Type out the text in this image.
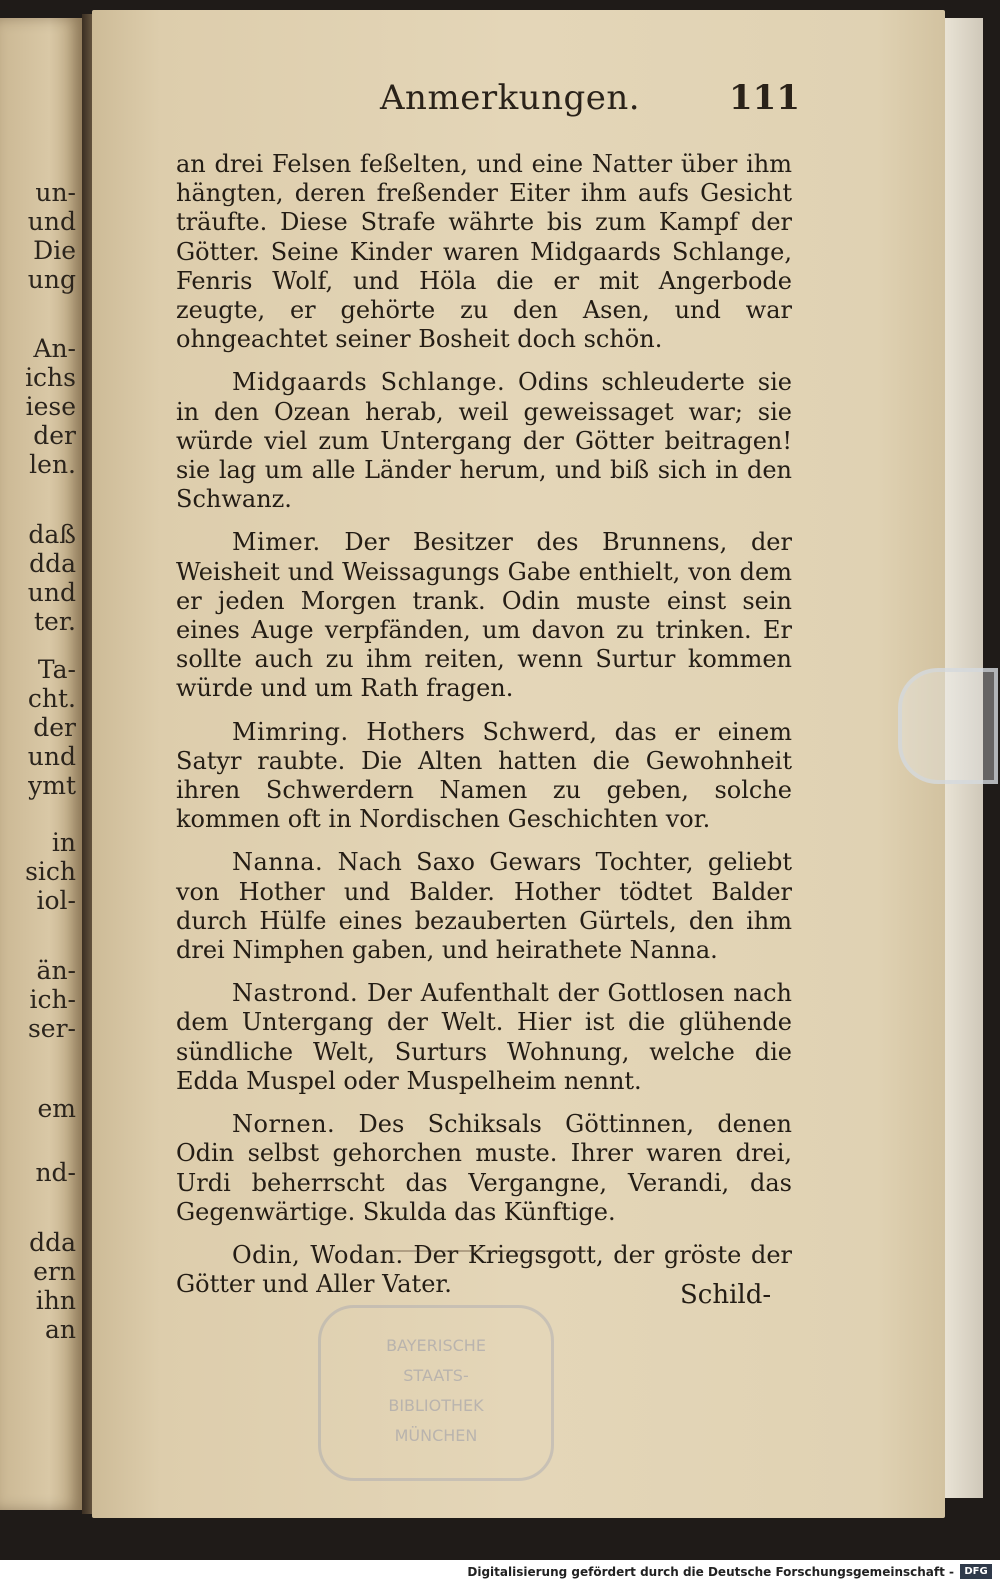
un-
und
Die
ung
An-
ichs
iese
der
len.
daß
dda
und
ter.
Ta-
cht.
der
und
ymt
in
sich
iol-
än-
ich-
ser-
em
nd-
dda
ern
ihn
an
Anmerkungen.	111

an drei Felsen feßelten, und eine Natter über ihm hängten, deren freßender Eiter ihm aufs Gesicht träufte. Diese Strafe währte bis zum Kampf der Götter. Seine Kinder waren Midgaards Schlange, Fenris Wolf, und Höla die er mit Angerbode zeugte, er gehörte zu den Asen, und war ohngeachtet seiner Bosheit doch schön.

Midgaards Schlange. Odins schleuderte sie in den Ozean herab, weil geweissaget war; sie würde viel zum Untergang der Götter beitragen! sie lag um alle Länder herum, und biß sich in den Schwanz.

Mimer. Der Besitzer des Brunnens, der Weisheit und Weissagungs Gabe enthielt, von dem er jeden Morgen trank. Odin muste einst sein eines Auge verpfänden, um davon zu trinken. Er sollte auch zu ihm reiten, wenn Surtur kommen würde und um Rath fragen.

Mimring. Hothers Schwerd, das er einem Satyr raubte. Die Alten hatten die Gewohnheit ihren Schwerdern Namen zu geben, solche kommen oft in Nordischen Geschichten vor.

Nanna. Nach Saxo Gewars Tochter, geliebt von Hother und Balder. Hother tödtet Balder durch Hülfe eines bezauberten Gürtels, den ihm drei Nimphen gaben, und heirathete Nanna.

Nastrond. Der Aufenthalt der Gottlosen nach dem Untergang der Welt. Hier ist die glühende sündliche Welt, Surturs Wohnung, welche die Edda Muspel oder Muspelheim nennt.

Nornen. Des Schiksals Göttinnen, denen Odin selbst gehorchen muste. Ihrer waren drei, Urdi beherrscht das Vergangne, Verandi, das Gegenwärtige. Skulda das Künftige.

Odin, Wodan. Der Kriegsgott, der gröste der Götter und Aller Vater.	Schild-
BAYERISCHE
STAATS-
BIBLIOTHEK
MÜNCHEN
Digitalisierung gefördert durch die Deutsche Forschungsgemeinschaft -	DFG
